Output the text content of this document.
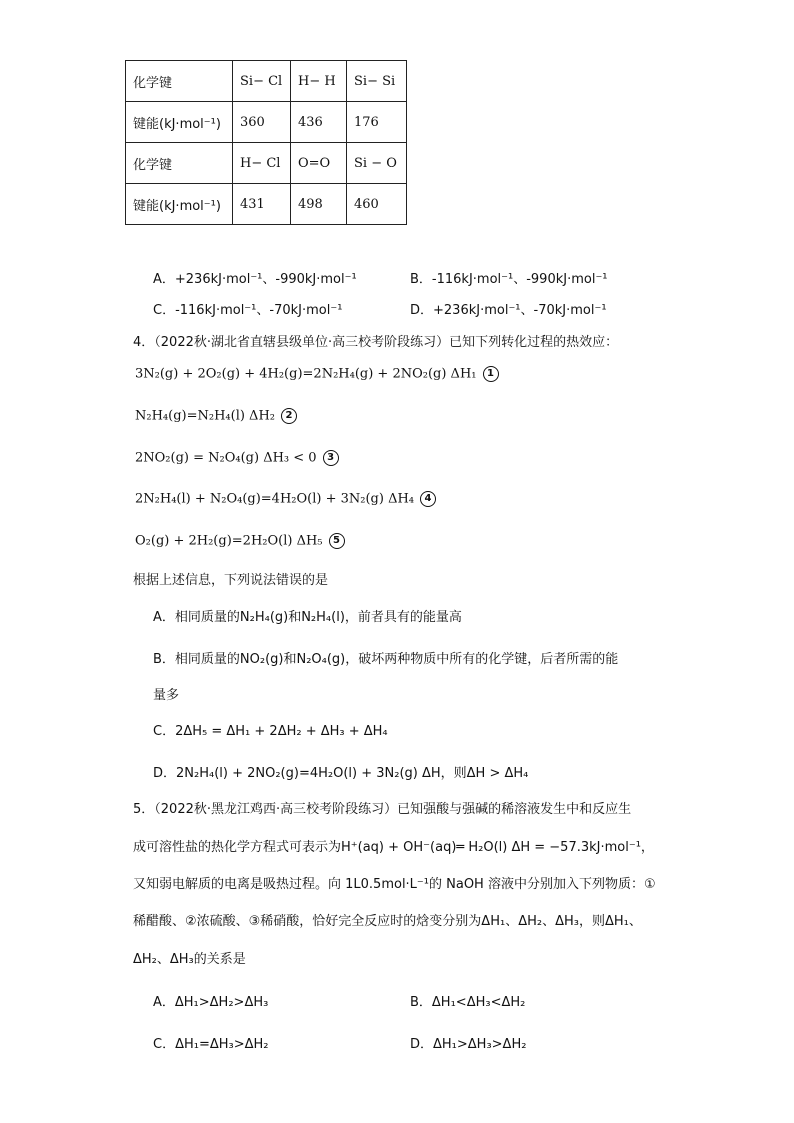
化学键	Si− Cl	H− H	Si− Si
键能(kJ·mol⁻¹)	360	436	176
化学键	H− Cl	O=O	Si − O
键能(kJ·mol⁻¹)	431	498	460
A．+236kJ·mol⁻¹、-990kJ·mol⁻¹	B．-116kJ·mol⁻¹、-990kJ·mol⁻¹
C．-116kJ·mol⁻¹、-70kJ·mol⁻¹	D．+236kJ·mol⁻¹、-70kJ·mol⁻¹
4．（2022秋·湖北省直辖县级单位·高三校考阶段练习）已知下列转化过程的热效应：
3N₂(g) + 2O₂(g) + 4H₂(g)=2N₂H₄(g) + 2NO₂(g) ΔH₁ 1
N₂H₄(g)=N₂H₄(l) ΔH₂ 2
2NO₂(g) = N₂O₄(g) ΔH₃ < 0 3
2N₂H₄(l) + N₂O₄(g)=4H₂O(l) + 3N₂(g) ΔH₄ 4
O₂(g) + 2H₂(g)=2H₂O(l) ΔH₅ 5
根据上述信息，下列说法错误的是
A．相同质量的N₂H₄(g)和N₂H₄(l)，前者具有的能量高
B．相同质量的NO₂(g)和N₂O₄(g)，破坏两种物质中所有的化学键，后者所需的能
量多
C．2ΔH₅ = ΔH₁ + 2ΔH₂ + ΔH₃ + ΔH₄
D．2N₂H₄(l) + 2NO₂(g)=4H₂O(l) + 3N₂(g) ΔH，则ΔH > ΔH₄
5．（2022秋·黑龙江鸡西·高三校考阶段练习）已知强酸与强碱的稀溶液发生中和反应生
成可溶性盐的热化学方程式可表示为H⁺(aq) + OH⁻(aq)═ H₂O(l) ΔH = −57.3kJ·mol⁻¹，
又知弱电解质的电离是吸热过程。向 1L0.5mol·L⁻¹的 NaOH 溶液中分别加入下列物质：①
稀醋酸、②浓硫酸、③稀硝酸，恰好完全反应时的焓变分别为ΔH₁、ΔH₂、ΔH₃，则ΔH₁、
ΔH₂、ΔH₃的关系是
A．ΔH₁>ΔH₂>ΔH₃	B．ΔH₁<ΔH₃<ΔH₂
C．ΔH₁=ΔH₃>ΔH₂	D．ΔH₁>ΔH₃>ΔH₂
